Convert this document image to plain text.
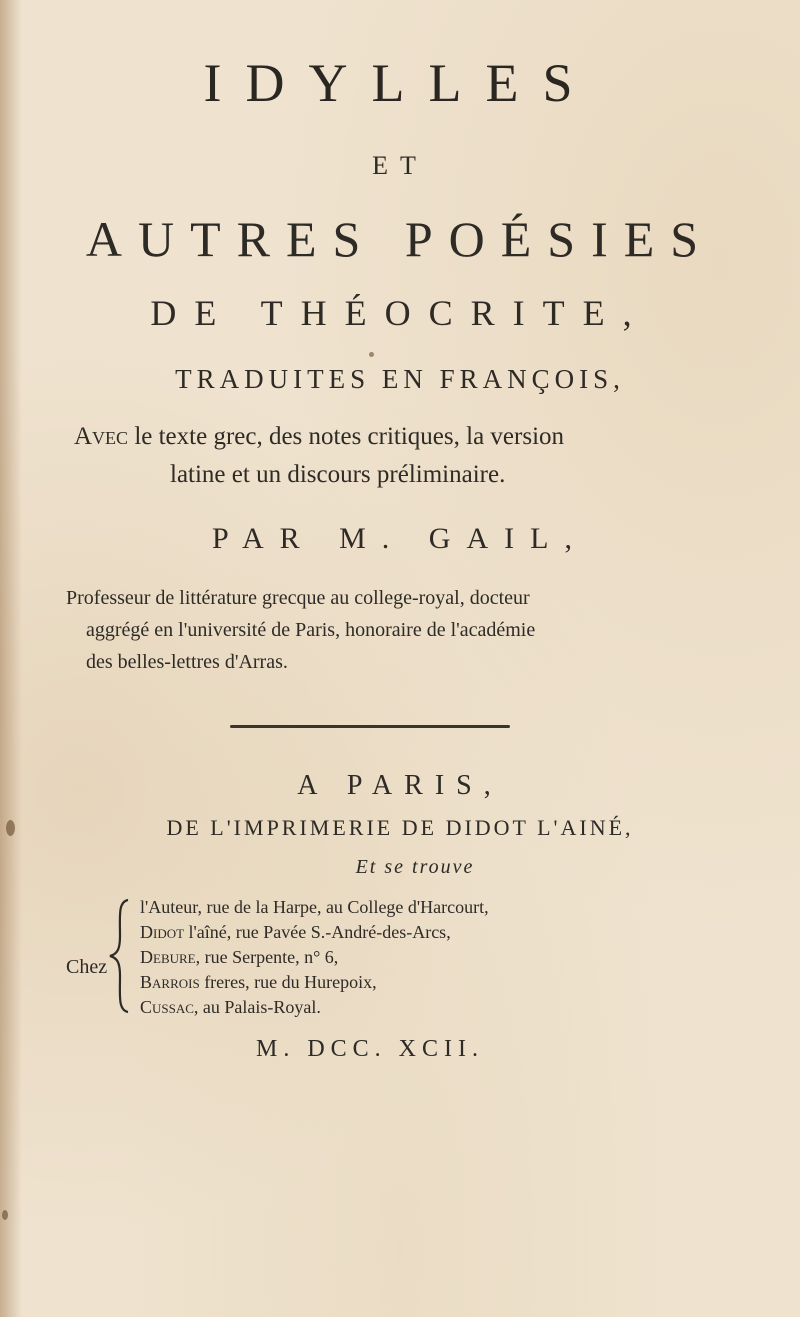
IDYLLES
ET
AUTRES POÉSIES
DE THÉOCRITE,
TRADUITES EN FRANÇOIS,
Avec le texte grec, des notes critiques, la version
latine et un discours préliminaire.
PAR M. GAIL,
Professeur de littérature grecque au college-royal, docteur
aggrégé en l'université de Paris, honoraire de l'académie
des belles-lettres d'Arras.
A PARIS,
DE L'IMPRIMERIE DE DIDOT L'AINÉ,
Et se trouve
Chez
l'Auteur, rue de la Harpe, au College d'Harcourt,
Didot l'aîné, rue Pavée S.-André-des-Arcs,
Debure, rue Serpente, n° 6,
Barrois freres, rue du Hurepoix,
Cussac, au Palais-Royal.
M. DCC. XCII.
